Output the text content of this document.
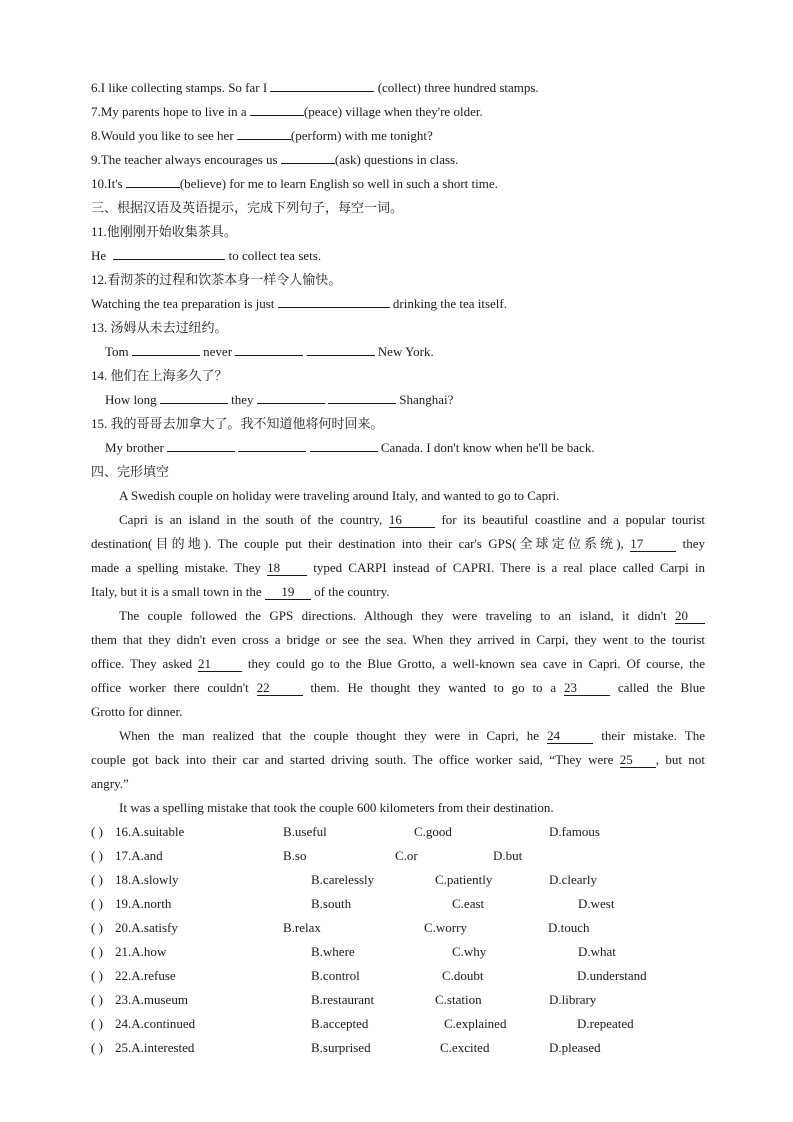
6.I like collecting stamps. So far I	(collect) three hundred stamps.
7.My parents hope to live in a	(peace) village when they're older.
8.Would you like to see her	(perform) with me tonight?
9.The teacher always encourages us	(ask) questions in class.
10.It's	(believe) for me to learn English so well in such a short time.
三、根据汉语及英语提示，完成下列句子，每空一词。
11.他刚刚开始收集茶具。
He	to collect tea sets.
12.看沏茶的过程和饮茶本身一样令人愉快。
Watching the tea preparation is just	drinking the tea itself.
13. 汤姆从未去过纽约。
Tom	never	New York.
14. 他们在上海多久了？
How long	they	Shanghai?
15. 我的哥哥去加拿大了。我不知道他将何时回来。
My brother	Canada. I don't know when he'll be back.
四、完形填空
A Swedish couple on holiday were traveling around Italy, and wanted to go to Capri.
Capri is an island in the south of the country, 16	for its beautiful coastline and a popular tourist
destination(目的地). The couple put their destination into their car's GPS(全球定位系统), 17	they
made a spelling mistake. They 18 typed CARPI instead of CAPRI. There is a real place called Carpi in
Italy, but it is a small town in the 19 of the country.
The couple followed the GPS directions. Although they were traveling to an island, it didn't 20
them that they didn't even cross a bridge or see the sea. When they arrived in Carpi, they went to the tourist
office. They asked 21 they could go to the Blue Grotto, a well-known sea cave in Capri. Of course, the
office worker there couldn't 22	them. He thought they wanted to go to a 23	called the Blue
Grotto for dinner.
When the man realized that the couple thought they were in Capri, he 24	their mistake. The
couple got back into their car and started driving south. The office worker said, “They were 25 , but not
angry.”
It was a spelling mistake that took the couple 600 kilometers from their destination.
( ) 16.A.suitable	B.useful	C.good	D.famous
( ) 17.A.and	B.so	C.or	D.but
( ) 18.A.slowly	B.carelessly	C.patiently	D.clearly
( ) 19.A.north	B.south	C.east	D.west
( ) 20.A.satisfy	B.relax	C.worry	D.touch
( ) 21.A.how	B.where	C.why	D.what
( ) 22.A.refuse	B.control	C.doubt	D.understand
( ) 23.A.museum	B.restaurant	C.station	D.library
( ) 24.A.continued	B.accepted	C.explained	D.repeated
( ) 25.A.interested	B.surprised	C.excited	D.pleased
